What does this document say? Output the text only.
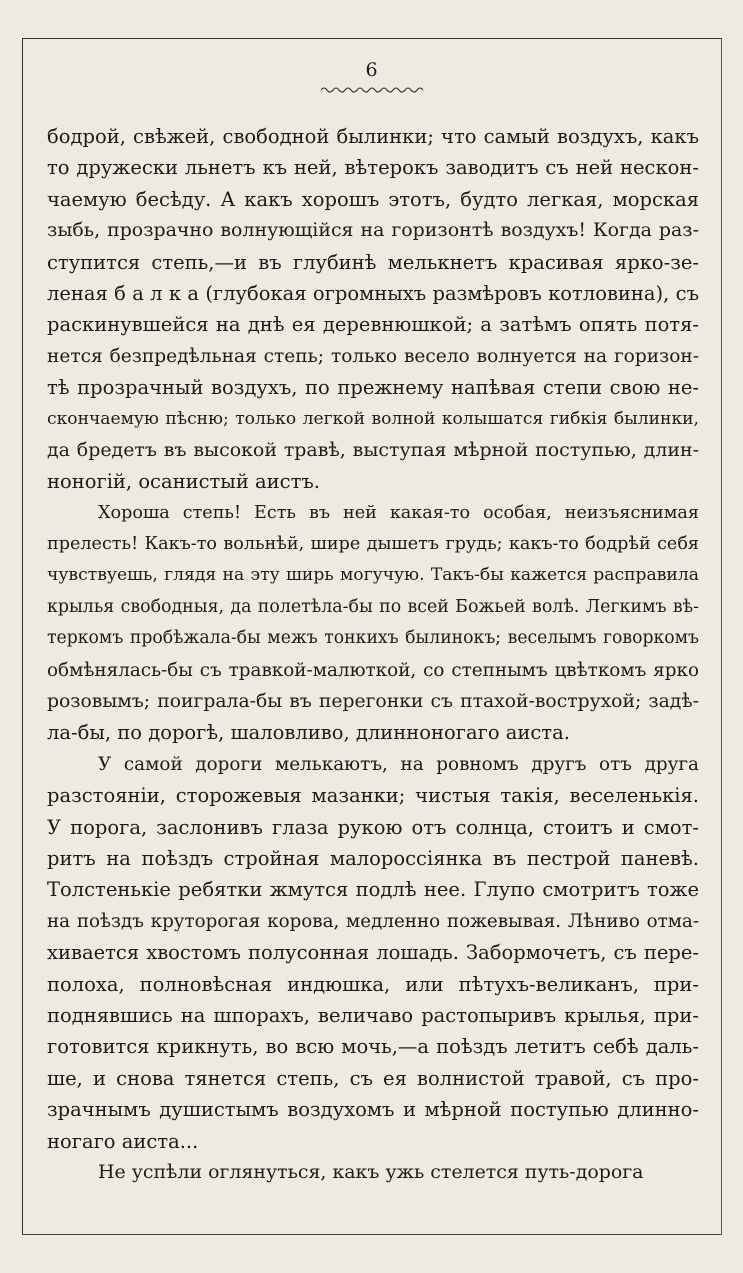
6
бодрой, свѣжей, свободной былинки; что самый воздухъ, какъ
то дружески льнетъ къ ней, вѣтерокъ заводитъ съ ней нескон-
чаемую бесѣду. А какъ хорошъ этотъ, будто легкая, морская
зыбь, прозрачно волнующійся на горизонтѣ воздухъ! Когда раз-
ступится степь,—и въ глубинѣ мелькнетъ красивая ярко-зе-
леная б а л к а (глубокая огромныхъ размѣровъ котловина), съ
раскинувшейся на днѣ ея деревнюшкой; а затѣмъ опять потя-
нется безпредѣльная степь; только весело волнуется на горизон-
тѣ прозрачный воздухъ, по прежнему напѣвая степи свою не-
скончаемую пѣсню; только легкой волной колышатся гибкія былинки,
да бредетъ въ высокой травѣ, выступая мѣрной поступью, длин-
ноногій, осанистый аистъ.
Хороша степь! Есть въ ней какая-то особая, неизъяснимая
прелесть! Какъ-то вольнѣй, шире дышетъ грудь; какъ-то бодрѣй себя
чувствуешь, глядя на эту ширь могучую. Такъ-бы кажется расправила
крылья свободныя, да полетѣла-бы по всей Божьей волѣ. Легкимъ вѣ-
теркомъ пробѣжала-бы межъ тонкихъ былинокъ; веселымъ говоркомъ
обмѣнялась-бы съ травкой-малюткой, со степнымъ цвѣткомъ ярко
розовымъ; поиграла-бы въ перегонки съ птахой-вострухой; задѣ-
ла-бы, по дорогѣ, шаловливо, длинноногаго аиста.
У самой дороги мелькаютъ, на ровномъ другъ отъ друга
разстояніи, сторожевыя мазанки; чистыя такія, веселенькія.
У порога, заслонивъ глаза рукою отъ солнца, стоитъ и смот-
ритъ на поѣздъ стройная малороссіянка въ пестрой паневѣ.
Толстенькіе ребятки жмутся подлѣ нее. Глупо смотритъ тоже
на поѣздъ круторогая корова, медленно пожевывая. Лѣниво отма-
хивается хвостомъ полусонная лошадь. Забормочетъ, съ пере-
полоха, полновѣсная индюшка, или пѣтухъ-великанъ, при-
поднявшись на шпорахъ, величаво растопыривъ крылья, при-
готовится крикнуть, во всю мочь,—а поѣздъ летитъ себѣ даль-
ше, и снова тянется степь, съ ея волнистой травой, съ про-
зрачнымъ душистымъ воздухомъ и мѣрной поступью длинно-
ногаго аиста...
Не успѣли оглянуться, какъ ужь стелется путь-дорога
